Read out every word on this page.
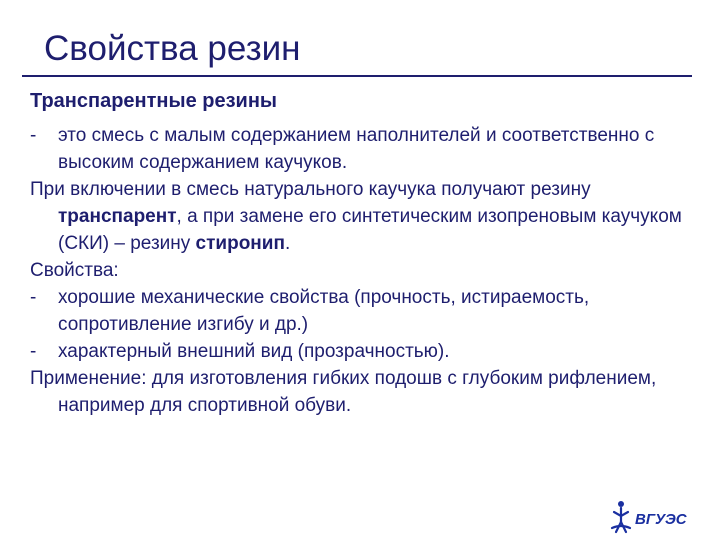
Свойства резин
Транспарентные резины

- это смесь с малым содержанием наполнителей и соответственно с высоким содержанием каучуков.

При включении в смесь натурального каучука получают резину транспарент, а при замене его синтетическим изопреновым каучуком (СКИ) – резину стиронип.

Свойства:

- хорошие механические свойства (прочность, истираемость, сопротивление изгибу и др.)

- характерный внешний вид (прозрачностью).

Применение: для изготовления гибких подошв с глубоким рифлением, например для спортивной обуви.

ВГУЭС
